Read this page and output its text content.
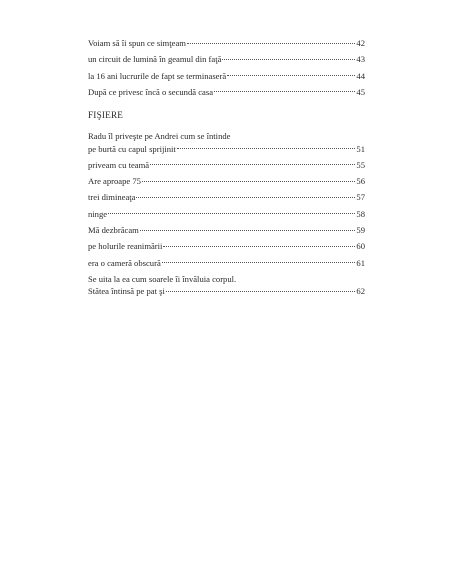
Voiam să îi spun ce simţeam	42
un circuit de lumină în geamul din faţă	43
la 16 ani lucrurile de fapt se terminaseră	44
După ce privesc încă o secundă casa	45
FIŞIERE
Radu îl priveşte pe Andrei cum se întinde
pe burtă cu capul sprijinit	51
priveam cu teamă	55
Are aproape 75	56
trei dimineaţa	57
ninge	58
Mă dezbrăcam	59
pe holurile reanimării	60
era o cameră obscură	61
Se uita la ea cum soarele îi învăluia corpul.
Stătea întinsă pe pat şi	62
